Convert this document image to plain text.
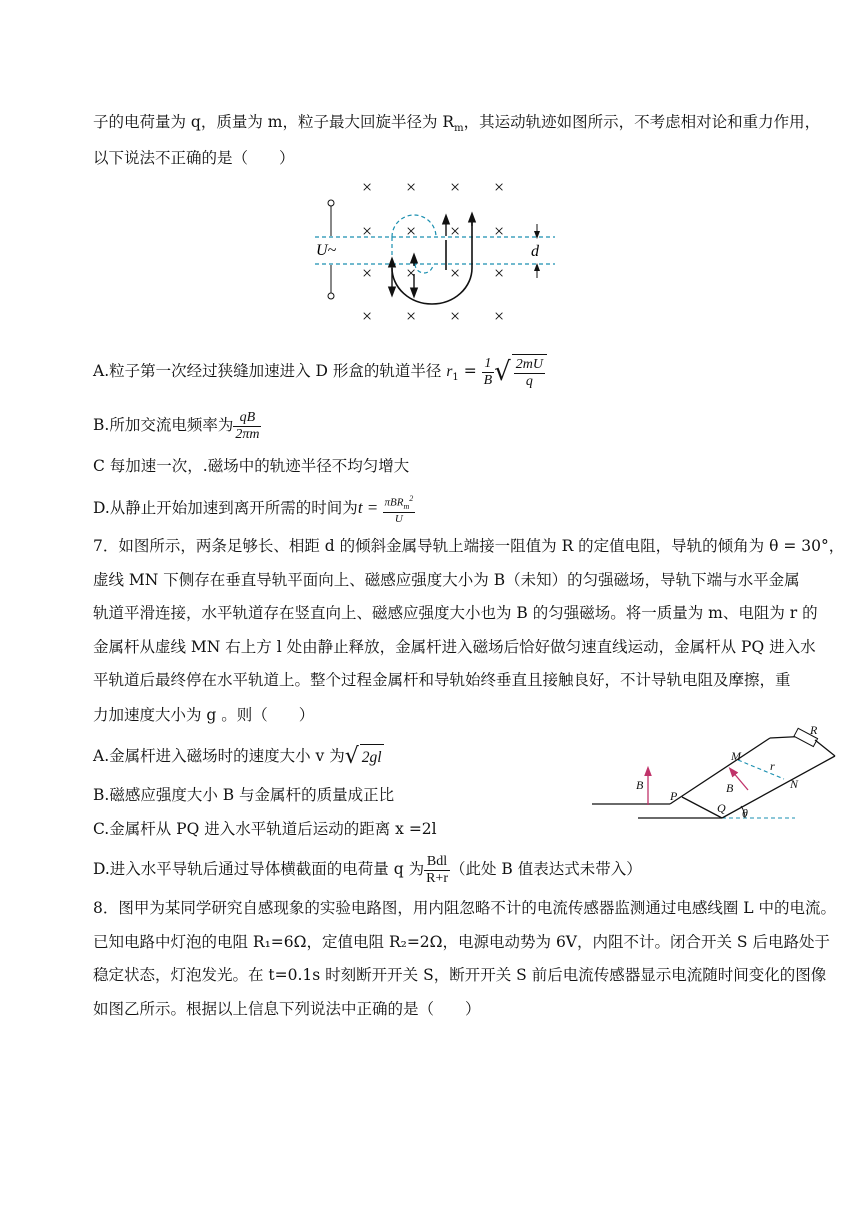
子的电荷量为 q，质量为 m，粒子最大回旋半径为 $R_m$，其运动轨迹如图所示，不考虑相对论和重力作用，
以下说法不正确的是（　　）
× × × ×
× × × ×
× × × ×
× × × ×
U~	d
A.粒子第一次经过狭缝加速进入 D 形盒的轨道半径 $r_1 = \frac{1}{B}$ √ $\frac{2mU}{q}$
B.所加交流电频率为 $\frac{qB}{2\pi m}$
C 每加速一次，.磁场中的轨迹半径不均匀增大
D.从静止开始加速到离开所需的时间为$t = \frac{\pi BR_m^2}{U}$
7．如图所示，两条足够长、相距 d 的倾斜金属导轨上端接一阻值为 R 的定值电阻，导轨的倾角为 θ = 30°，
虚线 MN 下侧存在垂直导轨平面向上、磁感应强度大小为 B（未知）的匀强磁场，导轨下端与水平金属
轨道平滑连接，水平轨道存在竖直向上、磁感应强度大小也为 B 的匀强磁场。将一质量为 m、电阻为 r 的
金属杆从虚线 MN 右上方 l 处由静止释放，金属杆进入磁场后恰好做匀速直线运动，金属杆从 PQ 进入水
平轨道后最终停在水平轨道上。整个过程金属杆和导轨始终垂直且接触良好，不计导轨电阻及摩擦，重
力加速度大小为 g 。则（　　）
A.金属杆进入磁场时的速度大小 v 为√ 2gl
B.磁感应强度大小 B 与金属杆的质量成正比
C.金属杆从 PQ 进入水平轨道后运动的距离 x =2l
D.进入水平导轨后通过导体横截面的电荷量 q 为 $\frac{\text{Bdl}}{R+r}$ （此处 B 值表达式未带入）
R
M
r
N
B	B
P
Q θ
8．图甲为某同学研究自感现象的实验电路图，用内阻忽略不计的电流传感器监测通过电感线圈 L 中的电流。
已知电路中灯泡的电阻 R₁=6Ω，定值电阻 R₂=2Ω，电源电动势为 6V，内阻不计。闭合开关 S 后电路处于
稳定状态，灯泡发光。在 t=0.1s 时刻断开开关 S，断开开关 S 前后电流传感器显示电流随时间变化的图像
如图乙所示。根据以上信息下列说法中正确的是（　　）
